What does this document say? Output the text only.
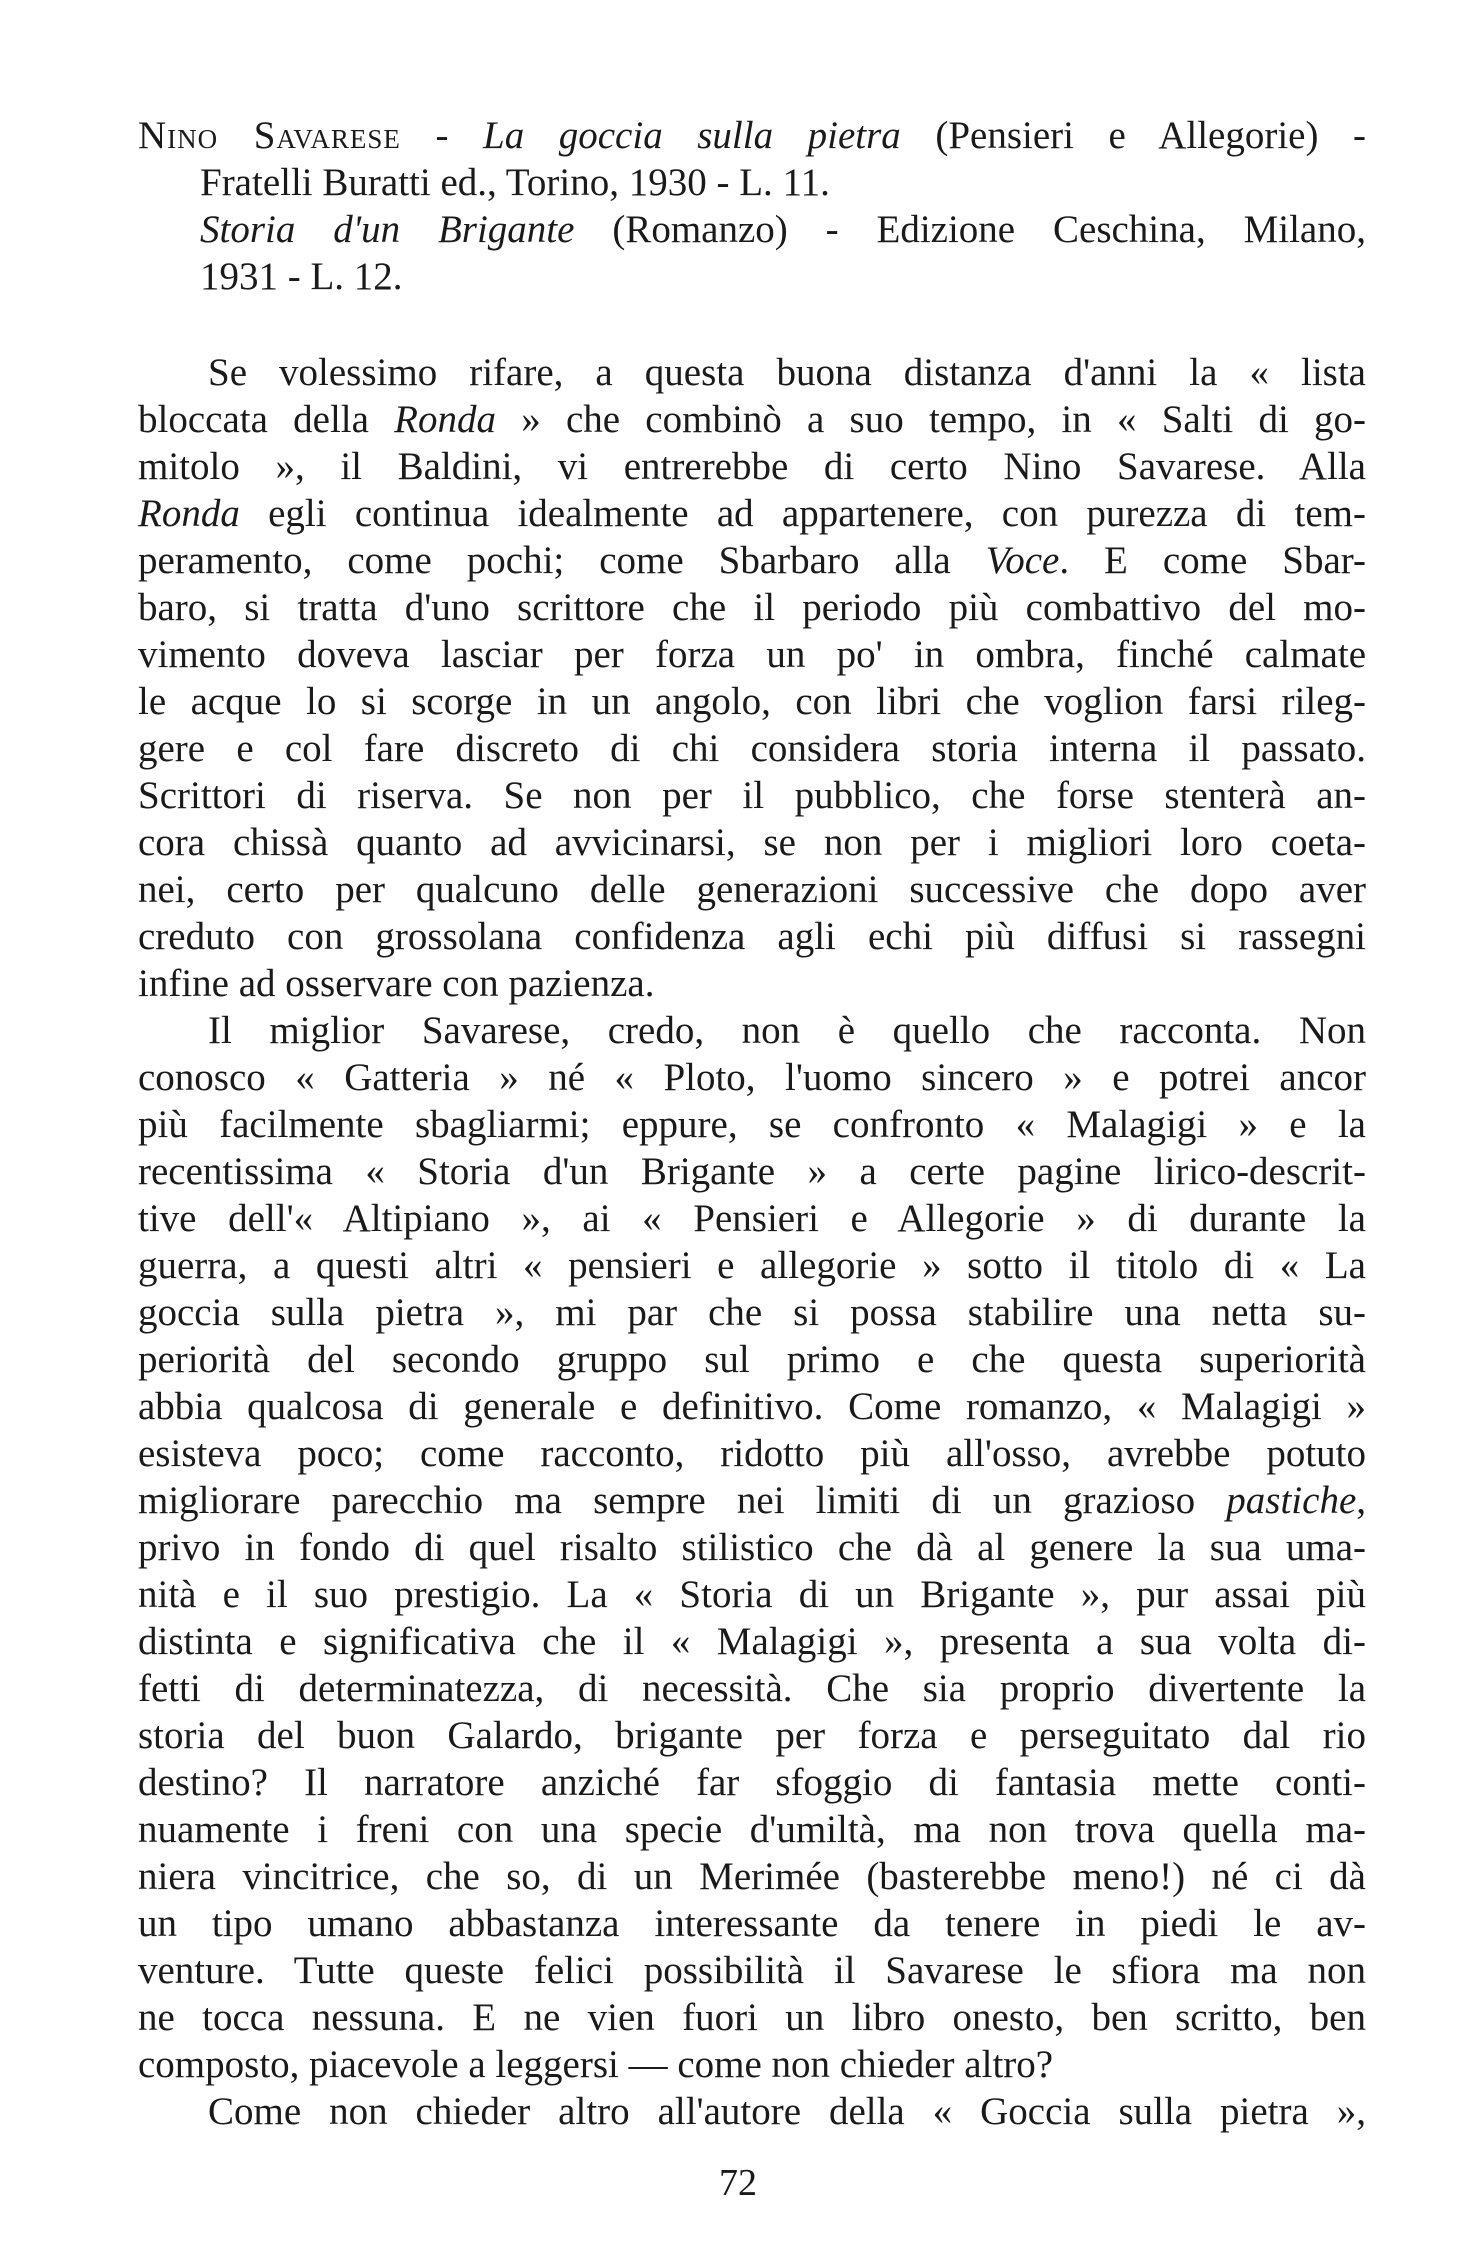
Nino Savarese - La goccia sulla pietra (Pensieri e Allegorie) -
Fratelli Buratti ed., Torino, 1930 - L. 11.
Storia d'un Brigante (Romanzo) - Edizione Ceschina, Milano,
1931 - L. 12.
Se volessimo rifare, a questa buona distanza d'anni la « lista
bloccata della Ronda » che combinò a suo tempo, in « Salti di go-
mitolo », il Baldini, vi entrerebbe di certo Nino Savarese. Alla
Ronda egli continua idealmente ad appartenere, con purezza di tem-
peramento, come pochi; come Sbarbaro alla Voce. E come Sbar-
baro, si tratta d'uno scrittore che il periodo più combattivo del mo-
vimento doveva lasciar per forza un po' in ombra, finché calmate
le acque lo si scorge in un angolo, con libri che voglion farsi rileg-
gere e col fare discreto di chi considera storia interna il passato.
Scrittori di riserva. Se non per il pubblico, che forse stenterà an-
cora chissà quanto ad avvicinarsi, se non per i migliori loro coeta-
nei, certo per qualcuno delle generazioni successive che dopo aver
creduto con grossolana confidenza agli echi più diffusi si rassegni
infine ad osservare con pazienza.
Il miglior Savarese, credo, non è quello che racconta. Non
conosco « Gatteria » né « Ploto, l'uomo sincero » e potrei ancor
più facilmente sbagliarmi; eppure, se confronto « Malagigi » e la
recentissima « Storia d'un Brigante » a certe pagine lirico-descrit-
tive dell'« Altipiano », ai « Pensieri e Allegorie » di durante la
guerra, a questi altri « pensieri e allegorie » sotto il titolo di « La
goccia sulla pietra », mi par che si possa stabilire una netta su-
periorità del secondo gruppo sul primo e che questa superiorità
abbia qualcosa di generale e definitivo. Come romanzo, « Malagigi »
esisteva poco; come racconto, ridotto più all'osso, avrebbe potuto
migliorare parecchio ma sempre nei limiti di un grazioso pastiche,
privo in fondo di quel risalto stilistico che dà al genere la sua uma-
nità e il suo prestigio. La « Storia di un Brigante », pur assai più
distinta e significativa che il « Malagigi », presenta a sua volta di-
fetti di determinatezza, di necessità. Che sia proprio divertente la
storia del buon Galardo, brigante per forza e perseguitato dal rio
destino? Il narratore anziché far sfoggio di fantasia mette conti-
nuamente i freni con una specie d'umiltà, ma non trova quella ma-
niera vincitrice, che so, di un Merimée (basterebbe meno!) né ci dà
un tipo umano abbastanza interessante da tenere in piedi le av-
venture. Tutte queste felici possibilità il Savarese le sfiora ma non
ne tocca nessuna. E ne vien fuori un libro onesto, ben scritto, ben
composto, piacevole a leggersi — come non chieder altro?
Come non chieder altro all'autore della « Goccia sulla pietra »,
72
